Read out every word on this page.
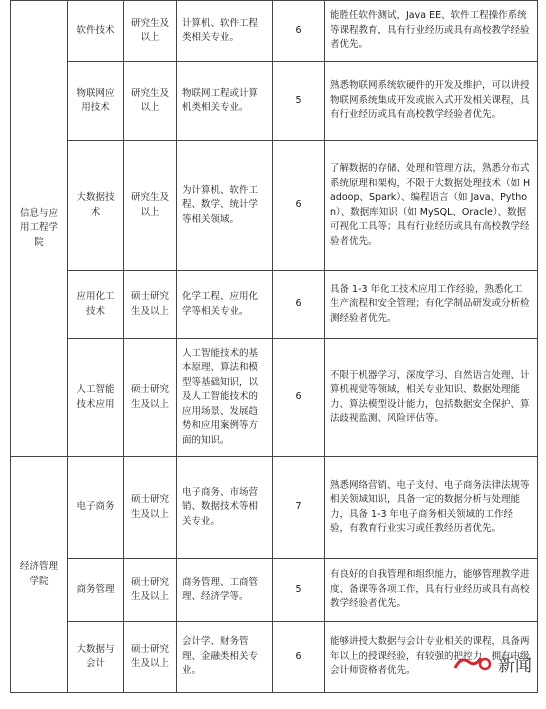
信息与应用工程学院	软件技术	研究生及以上	计算机、软件工程类相关专业。	6	能胜任软件测试，Java EE、软件工程操作系统等课程教育，具有行业经历或具有高校教学经验者优先。
	物联网应用技术	研究生及以上	物联网工程或计算机类相关专业。	5	熟悉物联网系统软硬件的开发及维护，可以讲授物联网系统集成开发或嵌入式开发相关课程，具有行业经历或具有高校教学经验者优先。
	大数据技术	研究生及以上	为计算机、软件工程、数学、统计学等相关领域。	6	了解数据的存储、处理和管理方法，熟悉分布式系统原理和架构，不限于大数据处理技术（如 Hadoop、Spark）、编程语言（如 Java、Python）、数据库知识（如 MySQL、Oracle）、数据可视化工具等；具有行业经历或具有高校教学经验者优先。
	应用化工技术	硕士研究生及以上	化学工程、应用化学等相关专业。	6	具备 1-3 年化工技术应用工作经验，熟悉化工生产流程和安全管理；有化学制品研发或分析检测经验者优先。
	人工智能技术应用	硕士研究生及以上	人工智能技术的基本原理、算法和模型等基础知识，以及人工智能技术的应用场景、发展趋势和应用案例等方面的知识。	6	不限于机器学习、深度学习、自然语言处理、计算机视觉等领域，相关专业知识、数据处理能力、算法模型设计能力，包括数据安全保护、算法歧视监测、风险评估等。

经济管理学院	电子商务	硕士研究生及以上	电子商务、市场营销、数据技术等相关专业。	7	熟悉网络营销、电子支付、电子商务法律法规等相关领域知识，具备一定的数据分析与处理能力，具备 1-3 年电子商务相关领域的工作经验，有教育行业实习或任教经历者优先。
	商务管理	硕士研究生及以上	商务管理、工商管理、经济学等。	5	有良好的自我管理和组织能力，能够管理教学进度、备课等各项工作，具有行业经历或具有高校教学经验者优先。
	大数据与会计	硕士研究生及以上	会计学、财务管理、金融类相关专业。	6	能够讲授大数据与会计专业相关的课程，具备两年以上的授课经验，有较强的把控力，拥有中级会计师资格者优先。	新闻
